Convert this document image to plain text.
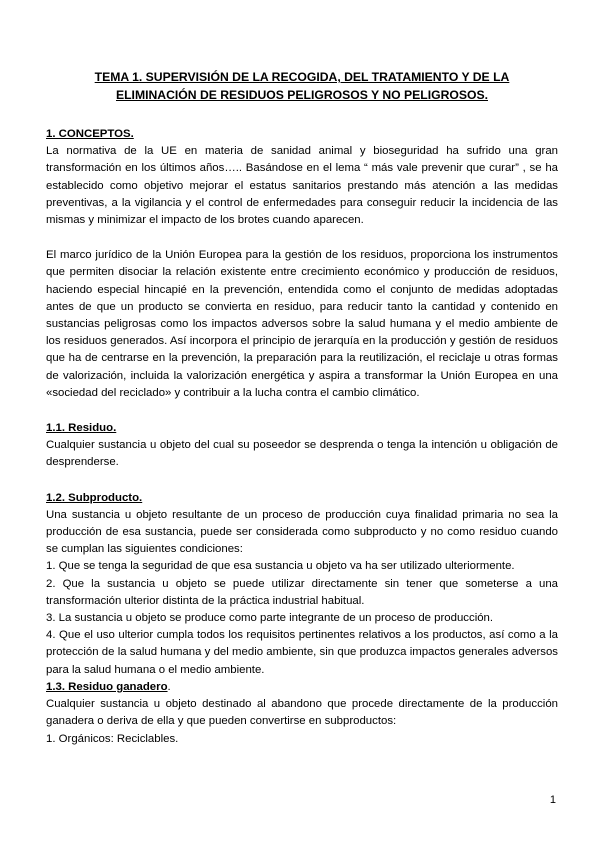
TEMA 1. SUPERVISIÓN DE LA RECOGIDA, DEL TRATAMIENTO Y DE LA ELIMINACIÓN DE RESIDUOS PELIGROSOS Y NO PELIGROSOS.
1. CONCEPTOS.

La normativa de la UE en materia de sanidad animal y bioseguridad ha sufrido una gran transformación en los últimos años….. Basándose en el lema “ más vale prevenir que curar” , se ha establecido como objetivo mejorar el estatus sanitarios prestando más atención a las medidas preventivas, a la vigilancia y el control de enfermedades para conseguir reducir la incidencia de las mismas y minimizar el impacto de los brotes cuando aparecen.

El marco jurídico de la Unión Europea para la gestión de los residuos, proporciona los instrumentos que permiten disociar la relación existente entre crecimiento económico y producción de residuos, haciendo especial hincapié en la prevención, entendida como el conjunto de medidas adoptadas antes de que un producto se convierta en residuo, para reducir tanto la cantidad y contenido en sustancias peligrosas como los impactos adversos sobre la salud humana y el medio ambiente de los residuos generados. Así incorpora el principio de jerarquía en la producción y gestión de residuos que ha de centrarse en la prevención, la preparación para la reutilización, el reciclaje u otras formas de valorización, incluida la valorización energética y aspira a transformar la Unión Europea en una «sociedad del reciclado» y contribuir a la lucha contra el cambio climático.

1.1. Residuo.

Cualquier sustancia u objeto del cual su poseedor se desprenda o tenga la intención u obligación de desprenderse.

1.2. Subproducto.

Una sustancia u objeto resultante de un proceso de producción cuya finalidad primaria no sea la producción de esa sustancia, puede ser considerada como subproducto y no como residuo cuando se cumplan las siguientes condiciones:

1. Que se tenga la seguridad de que esa sustancia u objeto va ha ser utilizado ulteriormente.

2. Que la sustancia u objeto se puede utilizar directamente sin tener que someterse a una transformación ulterior distinta de la práctica industrial habitual.

3. La sustancia u objeto se produce como parte integrante de un proceso de producción.

4. Que el uso ulterior cumpla todos los requisitos pertinentes relativos a los productos, así como a la protección de la salud humana y del medio ambiente, sin que produzca impactos generales adversos para la salud humana o el medio ambiente.

1.3. Residuo ganadero.

Cualquier sustancia u objeto destinado al abandono que procede directamente de la producción ganadera o deriva de ella y que pueden convertirse en subproductos:

1. Orgánicos: Reciclables.

1
